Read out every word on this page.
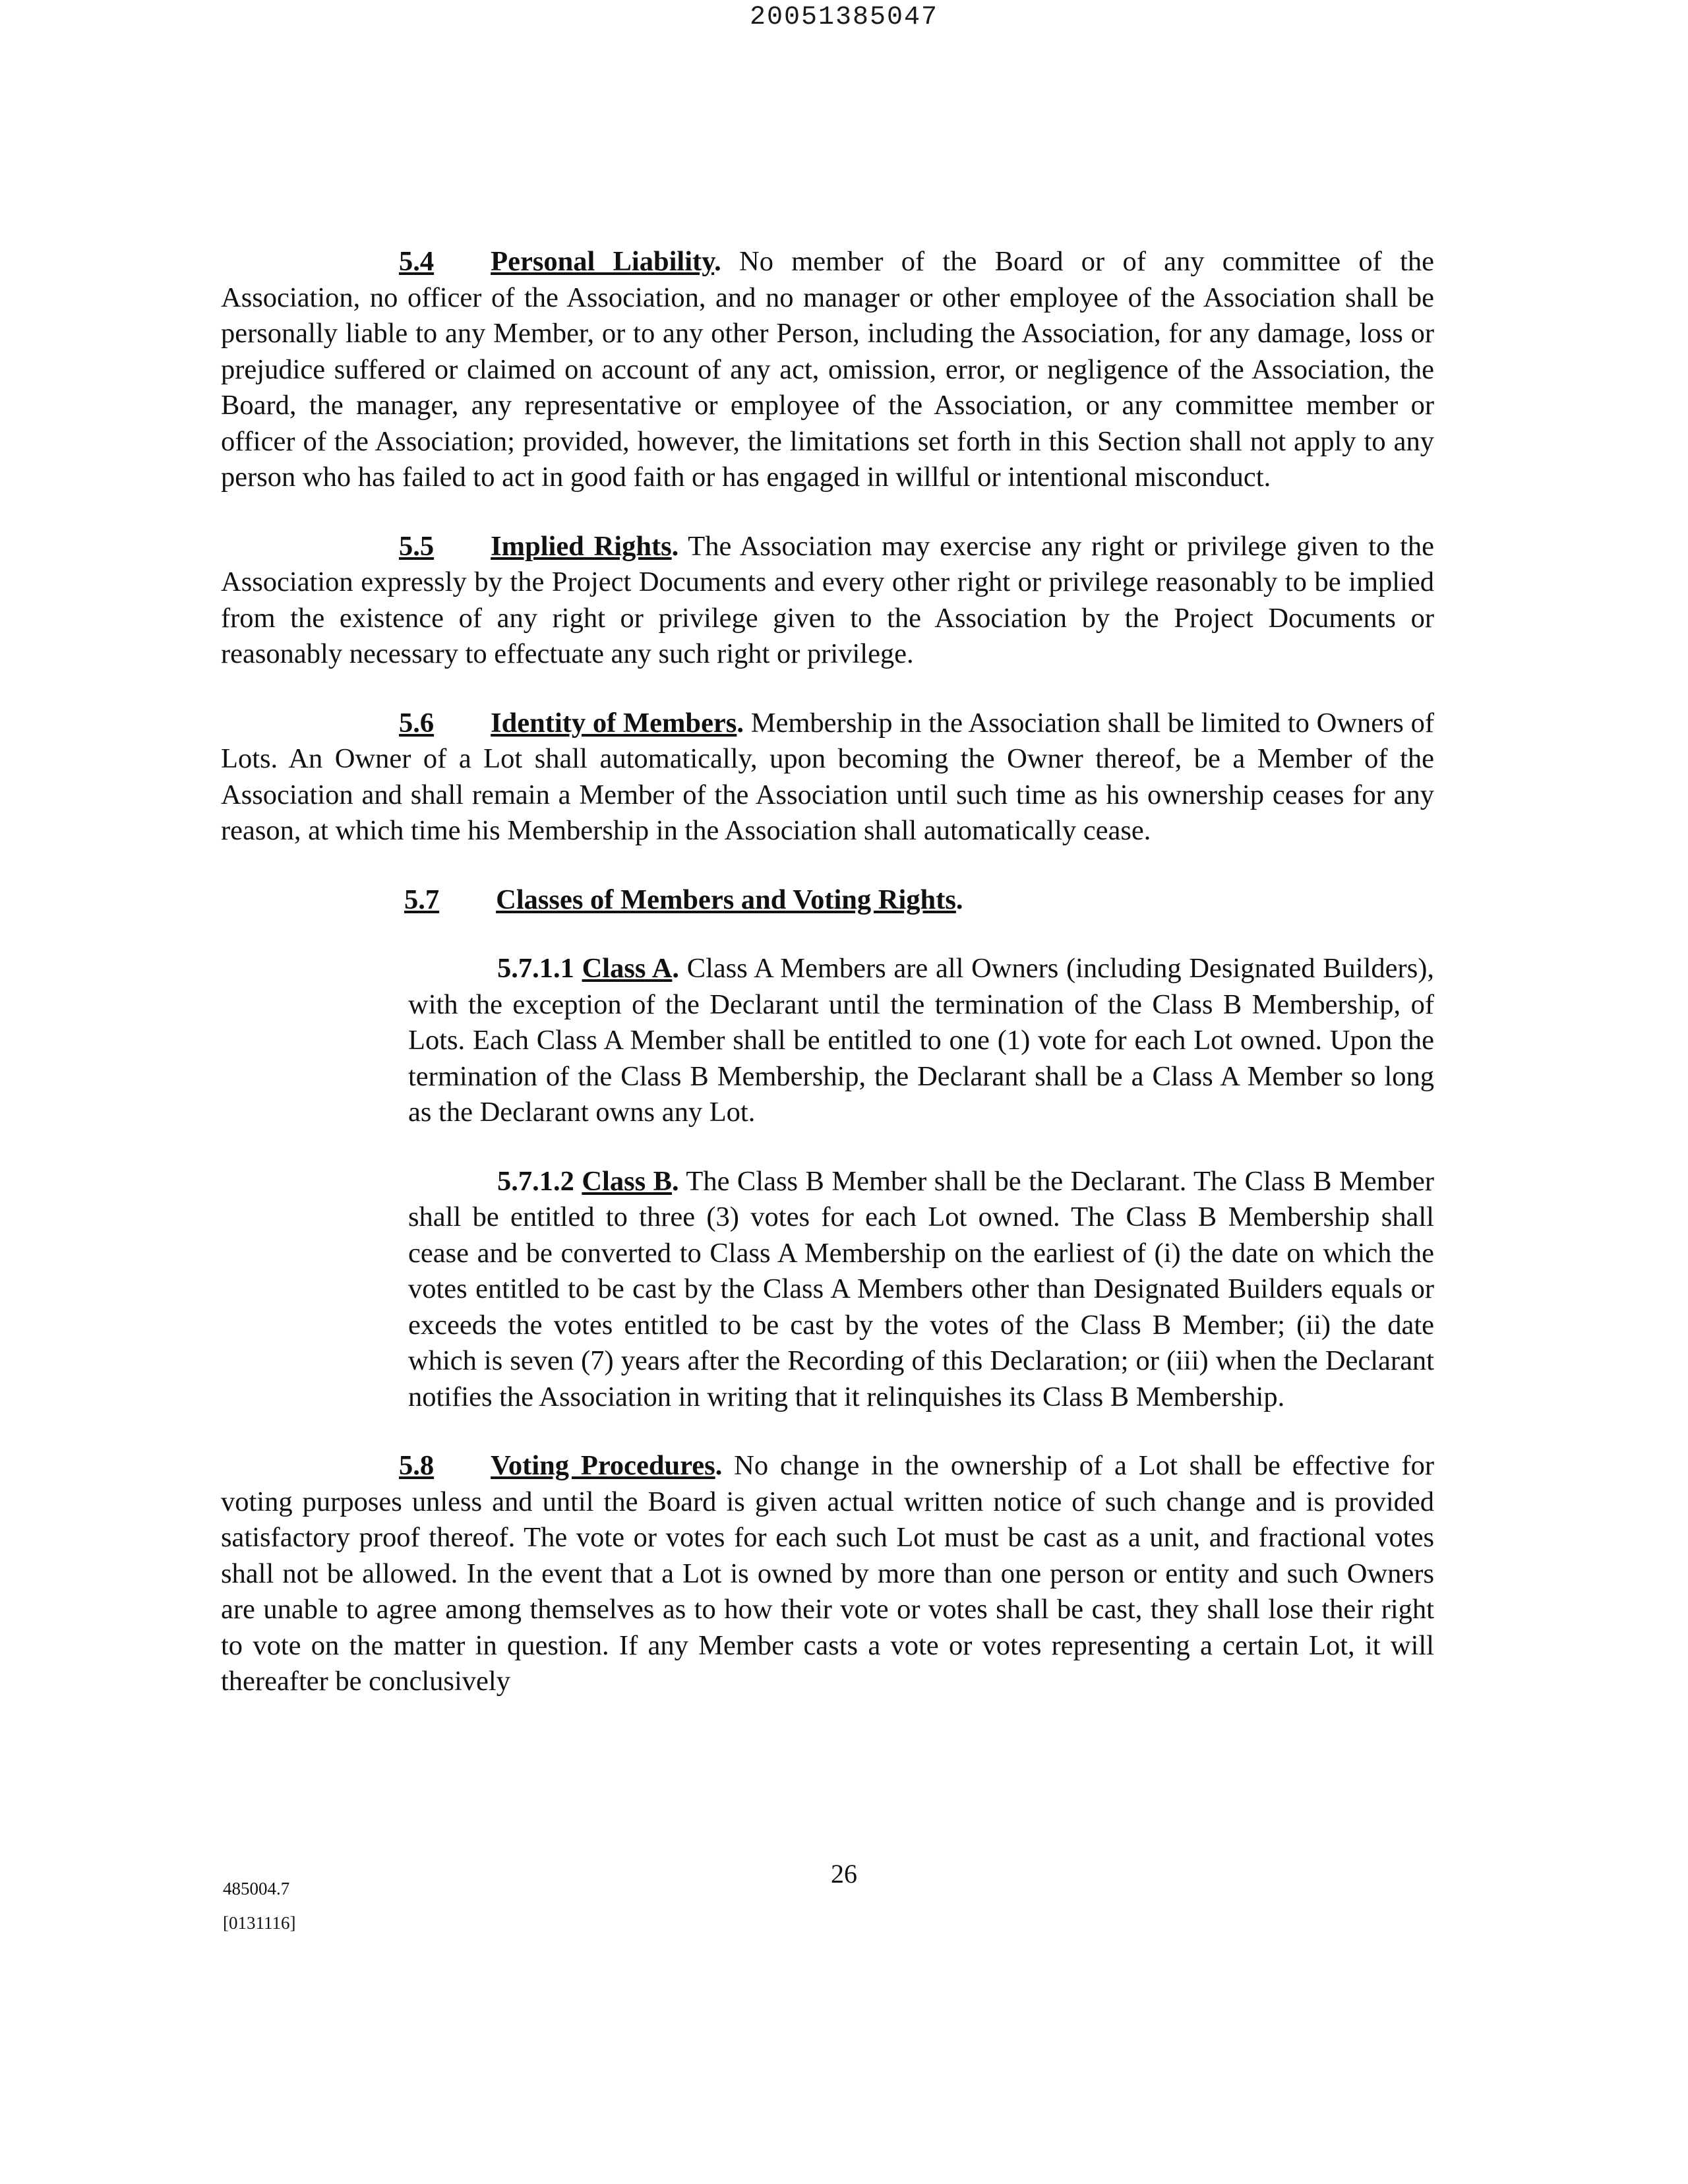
20051385047

5.4 Personal Liability. No member of the Board or of any committee of the Association, no officer of the Association, and no manager or other employee of the Association shall be personally liable to any Member, or to any other Person, including the Association, for any damage, loss or prejudice suffered or claimed on account of any act, omission, error, or negligence of the Association, the Board, the manager, any representative or employee of the Association, or any committee member or officer of the Association; provided, however, the limitations set forth in this Section shall not apply to any person who has failed to act in good faith or has engaged in willful or intentional misconduct.

5.5 Implied Rights. The Association may exercise any right or privilege given to the Association expressly by the Project Documents and every other right or privilege reasonably to be implied from the existence of any right or privilege given to the Association by the Project Documents or reasonably necessary to effectuate any such right or privilege.

5.6 Identity of Members. Membership in the Association shall be limited to Owners of Lots. An Owner of a Lot shall automatically, upon becoming the Owner thereof, be a Member of the Association and shall remain a Member of the Association until such time as his ownership ceases for any reason, at which time his Membership in the Association shall automatically cease.

5.7 Classes of Members and Voting Rights.

5.7.1.1 Class A. Class A Members are all Owners (including Designated Builders), with the exception of the Declarant until the termination of the Class B Membership, of Lots. Each Class A Member shall be entitled to one (1) vote for each Lot owned. Upon the termination of the Class B Membership, the Declarant shall be a Class A Member so long as the Declarant owns any Lot.

5.7.1.2 Class B. The Class B Member shall be the Declarant. The Class B Member shall be entitled to three (3) votes for each Lot owned. The Class B Membership shall cease and be converted to Class A Membership on the earliest of (i) the date on which the votes entitled to be cast by the Class A Members other than Designated Builders equals or exceeds the votes entitled to be cast by the votes of the Class B Member; (ii) the date which is seven (7) years after the Recording of this Declaration; or (iii) when the Declarant notifies the Association in writing that it relinquishes its Class B Membership.

5.8 Voting Procedures. No change in the ownership of a Lot shall be effective for voting purposes unless and until the Board is given actual written notice of such change and is provided satisfactory proof thereof. The vote or votes for each such Lot must be cast as a unit, and fractional votes shall not be allowed. In the event that a Lot is owned by more than one person or entity and such Owners are unable to agree among themselves as to how their vote or votes shall be cast, they shall lose their right to vote on the matter in question. If any Member casts a vote or votes representing a certain Lot, it will thereafter be conclusively

26
485004.7
[0131116]
